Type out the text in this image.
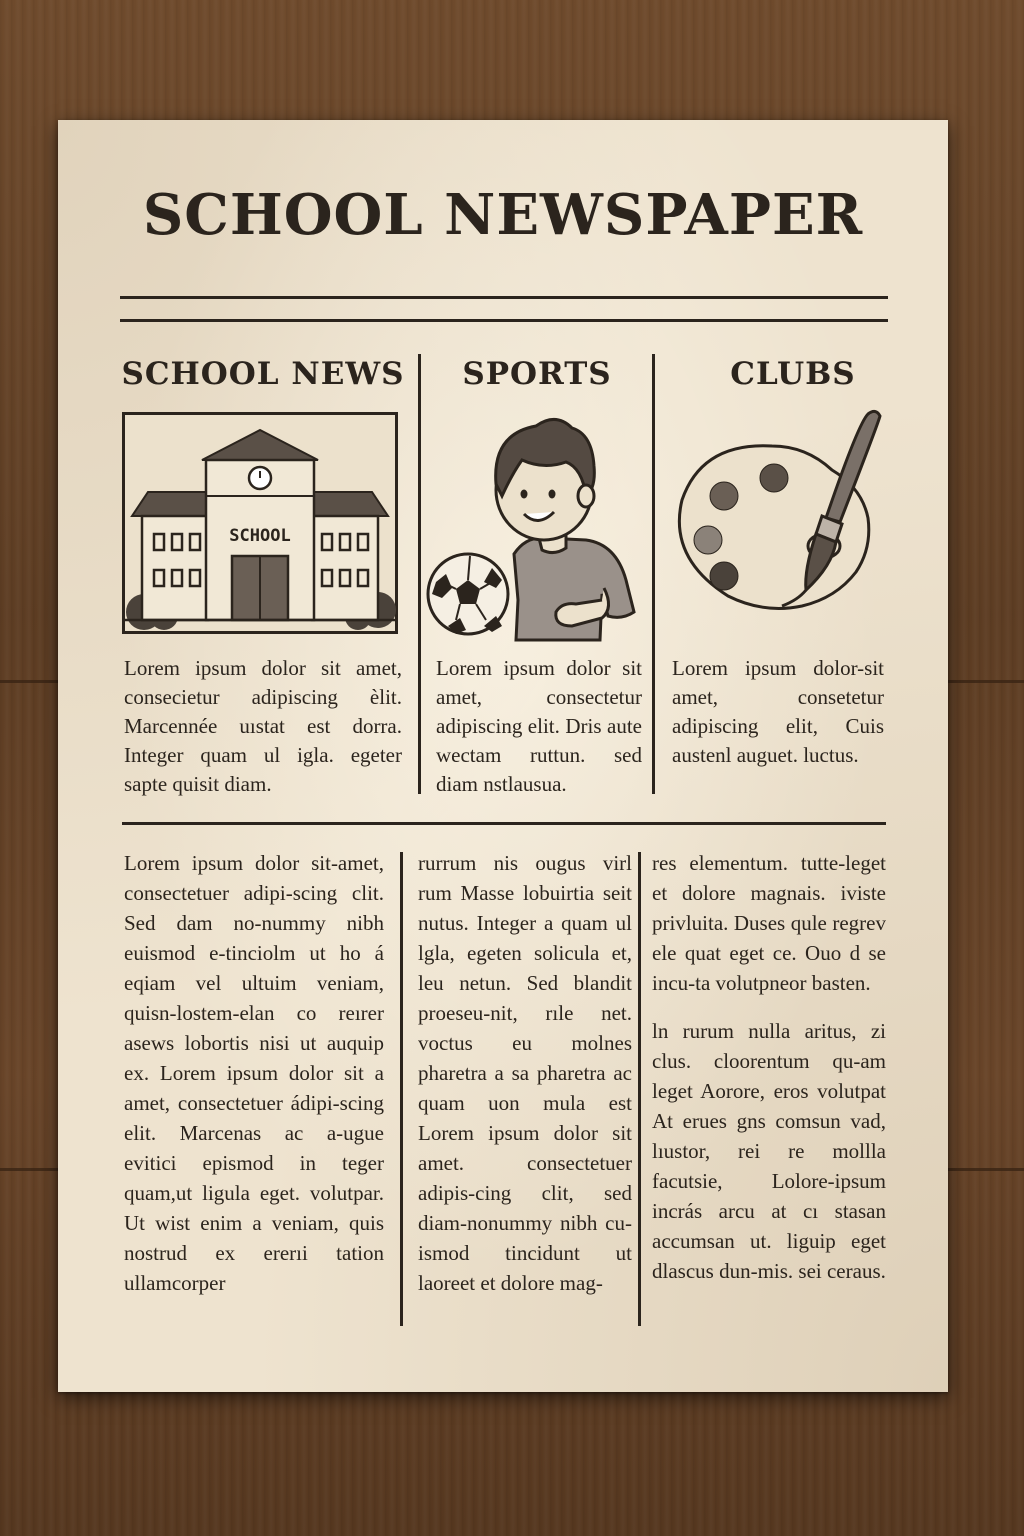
SCHOOL NEWSPAPER
SCHOOL NEWS	SPORTS	CLUBS
SCHOOL

Lorem ipsum dolor sit amet, consecietur adipiscing èlit. Marcennée uıstat est dorra. Integer quam ul igla. egeter sapte quisit diam.

Lorem ipsum dolor sit amet, consectetur adipiscing elit. Dris aute wectam ruttun. sed diam nstlausua.

Lorem ipsum dolor-sit amet, consetetur adipiscing elit, Cuis austenl auguet. luctus.

Lorem ipsum dolor sit-amet, consectetuer adipi-scing clit. Sed dam no-nummy nibh euismod e-tinciolm ut ho á eqiam vel ultuim veniam, quisn-lostem-elan co reırer asews lobortis nisi ut auquip ex. Lorem ipsum dolor sit a amet, consectetuer ádipi-scing elit. Marcenas ac a-ugue evitici epismod in teger quam,ut ligula eget. volutpar. Ut wist enim a veniam, quis nostrud ex ererıi tation ullamcorper

rurrum nis ougus virl rum Masse lobuirtia seit nutus. Integer a quam ul lgla, egeten solicula et, leu netun. Sed blandit proeseu-nit, rıle net. voctus eu molnes pharetra a sa pharetra ac quam uon mula est Lorem ipsum dolor sit amet. consectetuer adipis-cing clit, sed diam-nonummy nibh cu-ismod tincidunt ut laoreet et dolore mag-

res elementum. tutte-leget et dolore magnais. iviste privluita. Duses qule regrev ele quat eget ce. Ouo d se incu-ta volutpneor basten.

ln rurum nulla aritus, zi clus. cloorentum qu-am leget Aorore, eros volutpat At erues gns comsun vad, lıustor, rei re mollla facutsie, Lolore-ipsum incrás arcu at cı stasan accumsan ut. liguip eget dlascus dun-mis. sei ceraus.
